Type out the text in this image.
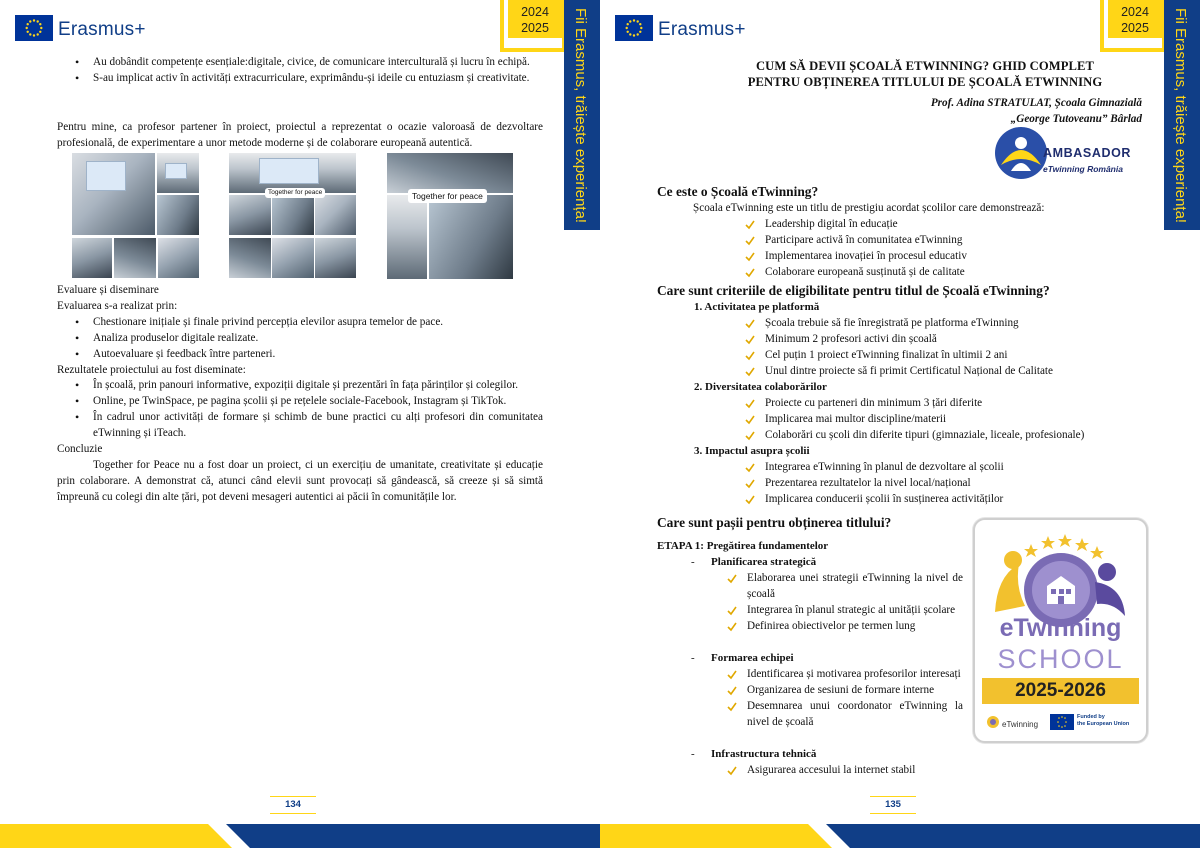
Erasmus+
2024
2025	Fii Erasmus, trăiește experiența!
• Au dobândit competențe esențiale:digitale, civice, de comunicare interculturală și lucru în echipă.
• S-au implicat activ în activități extracurriculare, exprimându-și ideile cu entuziasm și creativitate.

Pentru mine, ca profesor partener în proiect, proiectul a reprezentat o ocazie valoroasă de dezvoltare profesională, de experimentare a unor metode moderne și de colaborare europeană autentică.

Together for peace	Together for peace
Evaluare și diseminare
Evaluarea s-a realizat prin:
• Chestionare inițiale și finale privind percepția elevilor asupra temelor de pace.
• Analiza produselor digitale realizate.
• Autoevaluare și feedback între parteneri.
Rezultatele proiectului au fost diseminate:
• În școală, prin panouri informative, expoziții digitale și prezentări în fața părinților și colegilor.
• Online, pe TwinSpace, pe pagina școlii și pe rețelele sociale-Facebook, Instagram și TikTok.
• În cadrul unor activități de formare și schimb de bune practici cu alți profesori din comunitatea eTwinning și iTeach.
Concluzie

Together for Peace nu a fost doar un proiect, ci un exercițiu de umanitate, creativitate și educație prin colaborare. A demonstrat că, atunci când elevii sunt provocați să gândească, să creeze și să simtă împreună cu colegi din alte țări, pot deveni mesageri autentici ai păcii în comunitățile lor.

134
Erasmus+
2024
2025	Fii Erasmus, trăiește experiența!
CUM SĂ DEVII ȘCOALĂ ETWINNING? GHID COMPLET
PENTRU OBȚINEREA TITLULUI DE ȘCOALĂ ETWINNING
Prof. Adina STRATULAT, Școala Gimnazială
„George Tutoveanu” Bârlad
AMBASADOR
eTwinning România
Ce este o Școală eTwinning?
Școala eTwinning este un titlu de prestigiu acordat școlilor care demonstrează:
Leadership digital în educație
Participare activă în comunitatea eTwinning
Implementarea inovației în procesul educativ
Colaborare europeană susținută și de calitate
Care sunt criteriile de eligibilitate pentru titlul de Școală eTwinning?
1. Activitatea pe platformă
Școala trebuie să fie înregistrată pe platforma eTwinning
Minimum 2 profesori activi din școală
Cel puțin 1 proiect eTwinning finalizat în ultimii 2 ani
Unul dintre proiecte să fi primit Certificatul Național de Calitate
2. Diversitatea colaborărilor
Proiecte cu parteneri din minimum 3 țări diferite
Implicarea mai multor discipline/materii
Colaborări cu școli din diferite tipuri (gimnaziale, liceale, profesionale)
3. Impactul asupra școlii
Integrarea eTwinning în planul de dezvoltare al școlii
Prezentarea rezultatelor la nivel local/național
Implicarea conducerii școlii în susținerea activităților
Care sunt pașii pentru obținerea titlului?
ETAPA 1: Pregătirea fundamentelor
- Planificarea strategică
Elaborarea unei strategii eTwinning la nivel de școală
Integrarea în planul strategic al unității școlare
Definirea obiectivelor pe termen lung
- Formarea echipei
Identificarea și motivarea profesorilor interesați
Organizarea de sesiuni de formare interne
Desemnarea unui coordonator eTwinning la nivel de școală
- Infrastructura tehnică
Asigurarea accesului la internet stabil
135
eTwinning
SCHOOL
2025-2026
eTwinning
Funded by
the European Union
